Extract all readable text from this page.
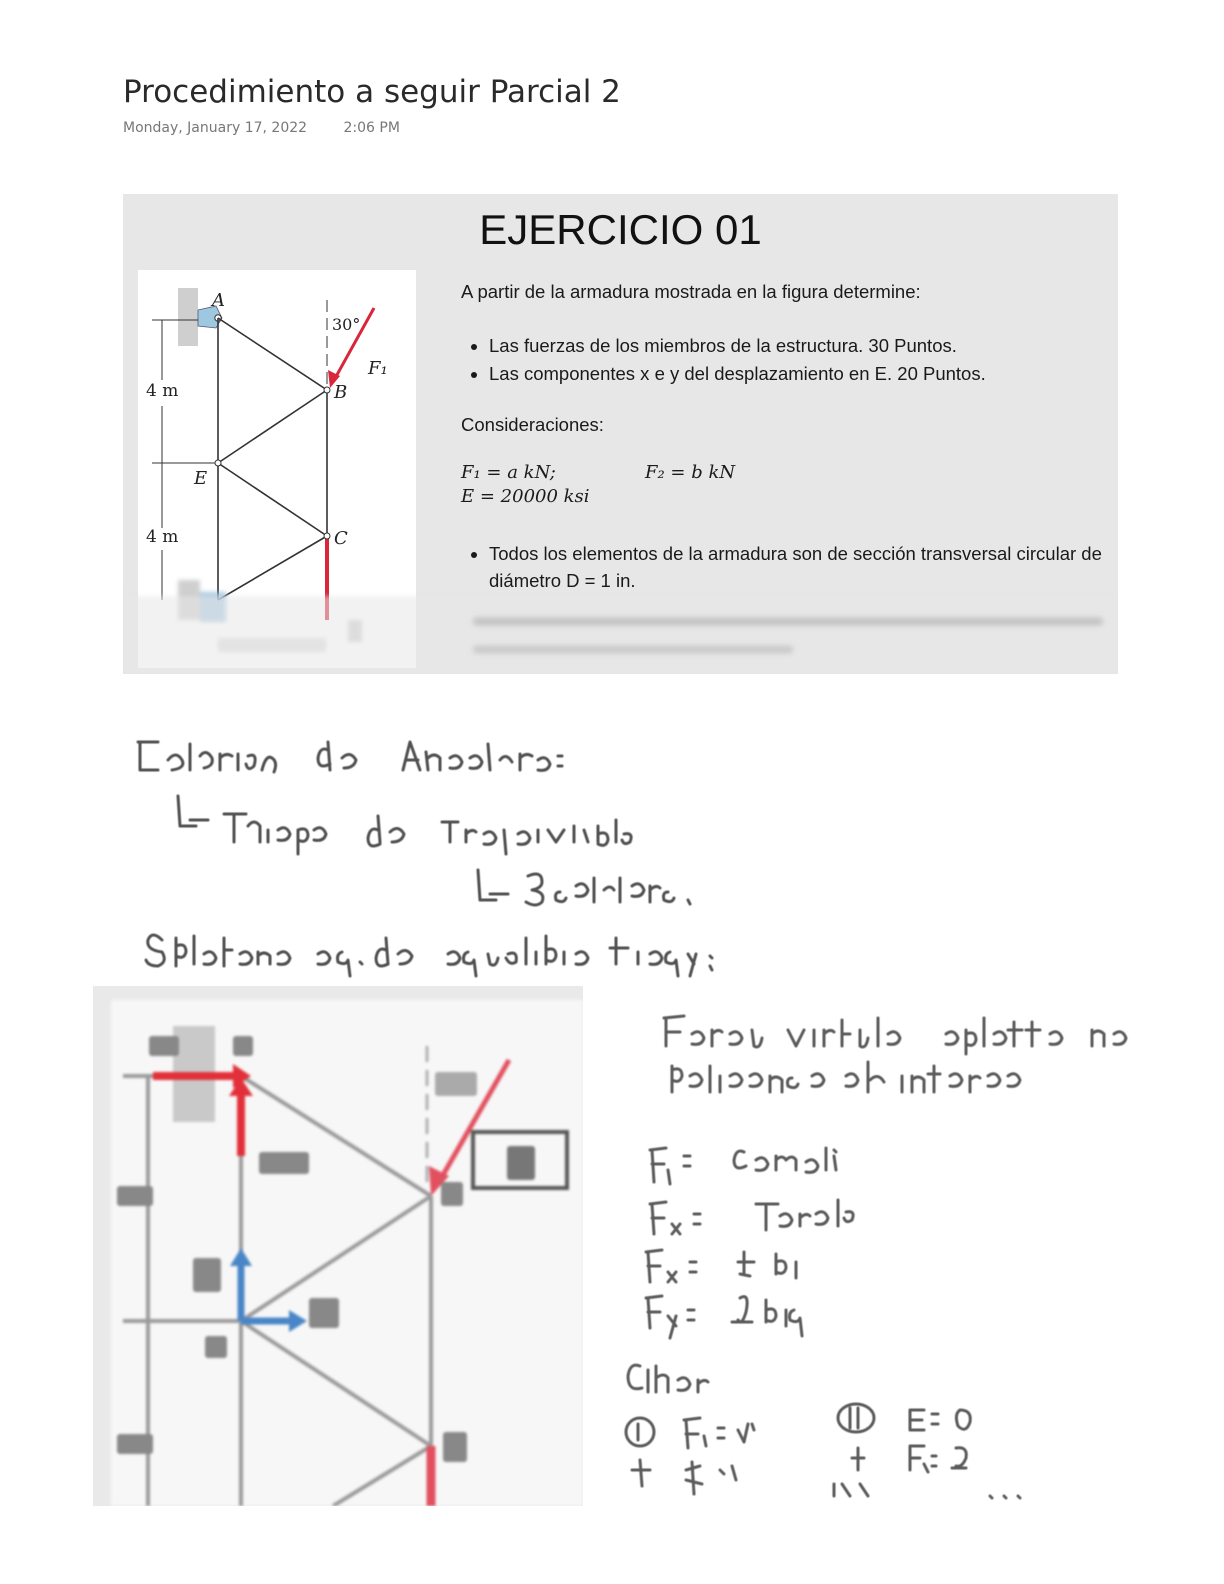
Procedimiento a seguir Parcial 2
Monday, January 17, 2022	2:06 PM
EJERCICIO 01
4 m
4 m
A
B
C
E
30°
F₁

A partir de la armadura mostrada en la figura determine:

• Las fuerzas de los miembros de la estructura. 30 Puntos.
• Las componentes x e y del desplazamiento en E. 20 Puntos.

Consideraciones:

F₁ = a kN;	F₂ = b kN
E = 20000 ksi
• Todos los elementos de la armadura son de sección transversal circular de diámetro D = 1 in.
